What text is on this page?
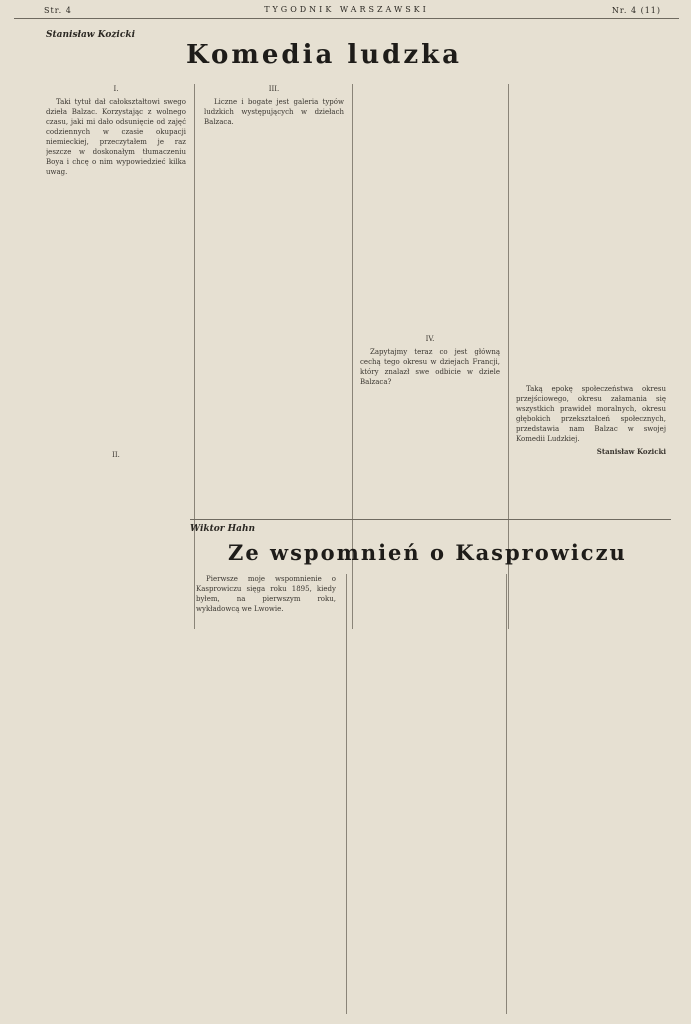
Str. 4	TYGODNIK WARSZAWSKI	Nr. 4 (11)
Stanisław Kozicki
Komedia ludzka

I.

Taki tytuł dał całokształtowi swego dzieła Balzac. Korzystając z wolnego czasu, jaki mi dało odsunięcie od zajęć codziennych w czasie okupacji niemieckiej, przeczytałem je raz jeszcze w doskonałym tłumaczeniu Boya i chcę o nim wypowiedzieć kilka uwag.

III.

Liczne i bogate jest galeria typów ludzkich występujących w dziełach Balzaca.

IV.

Zapytajmy teraz co jest główną cechą tego okresu w dziejach Francji, który znalazł swe odbicie w dziele Balzaca?

Taką epokę społeczeństwa okresu przejściowego, okresu załamania się wszystkich prawideł moralnych, okresu głębokich przekształceń społecznych, przedstawia nam Balzac w swojej Komedii Ludzkiej.

Stanisław Kozicki

II.

Wiktor Hahn
Ze wspomnień o Kasprowiczu

Pierwsze moje wspomnienie o Kasprowiczu sięga roku 1895, kiedy byłem, na pierwszym roku, wykładowcą we Lwowie.
